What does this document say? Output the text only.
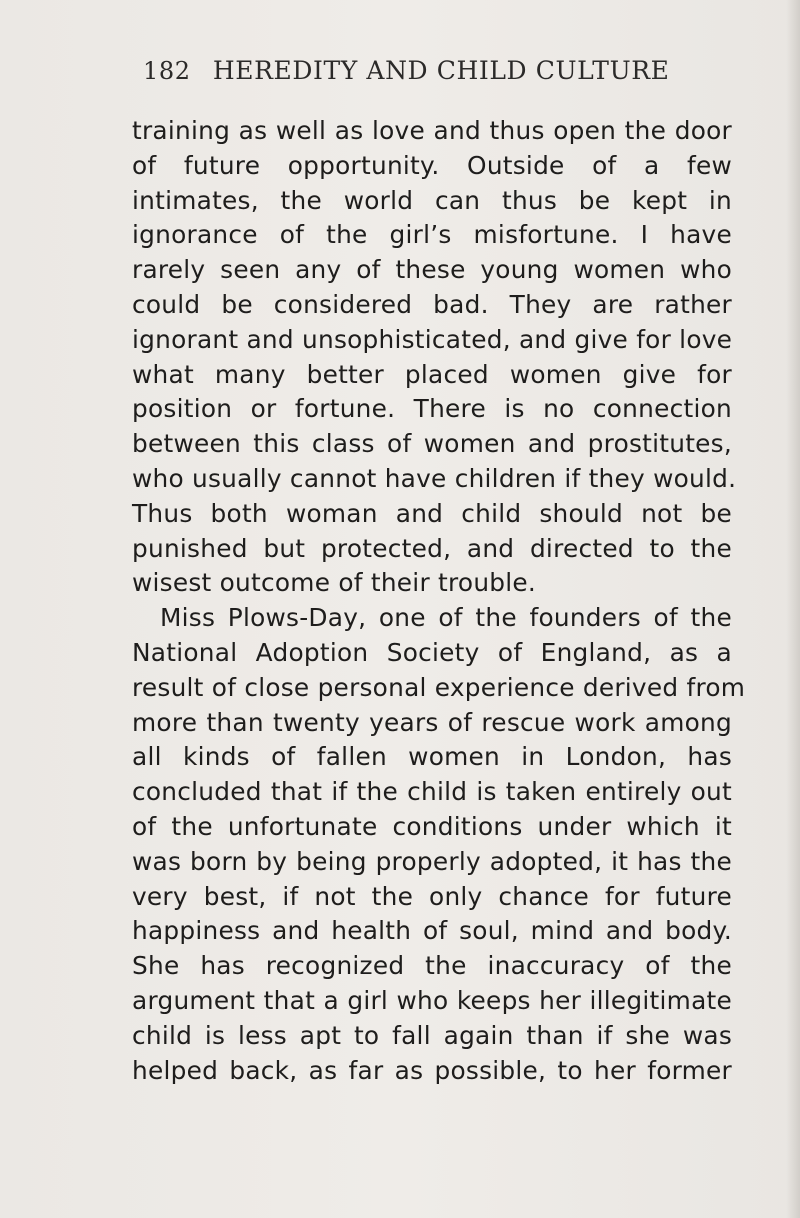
182 HEREDITY AND CHILD CULTURE
training as well as love and thus open the door
of future opportunity. Outside of a few
intimates, the world can thus be kept in
ignorance of the girl’s misfortune. I have
rarely seen any of these young women who
could be considered bad. They are rather
ignorant and unsophisticated, and give for love
what many better placed women give for
position or fortune. There is no connection
between this class of women and prostitutes,
who usually cannot have children if they would.
Thus both woman and child should not be
punished but protected, and directed to the
wisest outcome of their trouble.
Miss Plows-Day, one of the founders of the
National Adoption Society of England, as a
result of close personal experience derived from
more than twenty years of rescue work among
all kinds of fallen women in London, has
concluded that if the child is taken entirely out
of the unfortunate conditions under which it
was born by being properly adopted, it has the
very best, if not the only chance for future
happiness and health of soul, mind and body.
She has recognized the inaccuracy of the
argument that a girl who keeps her illegitimate
child is less apt to fall again than if she was
helped back, as far as possible, to her former
